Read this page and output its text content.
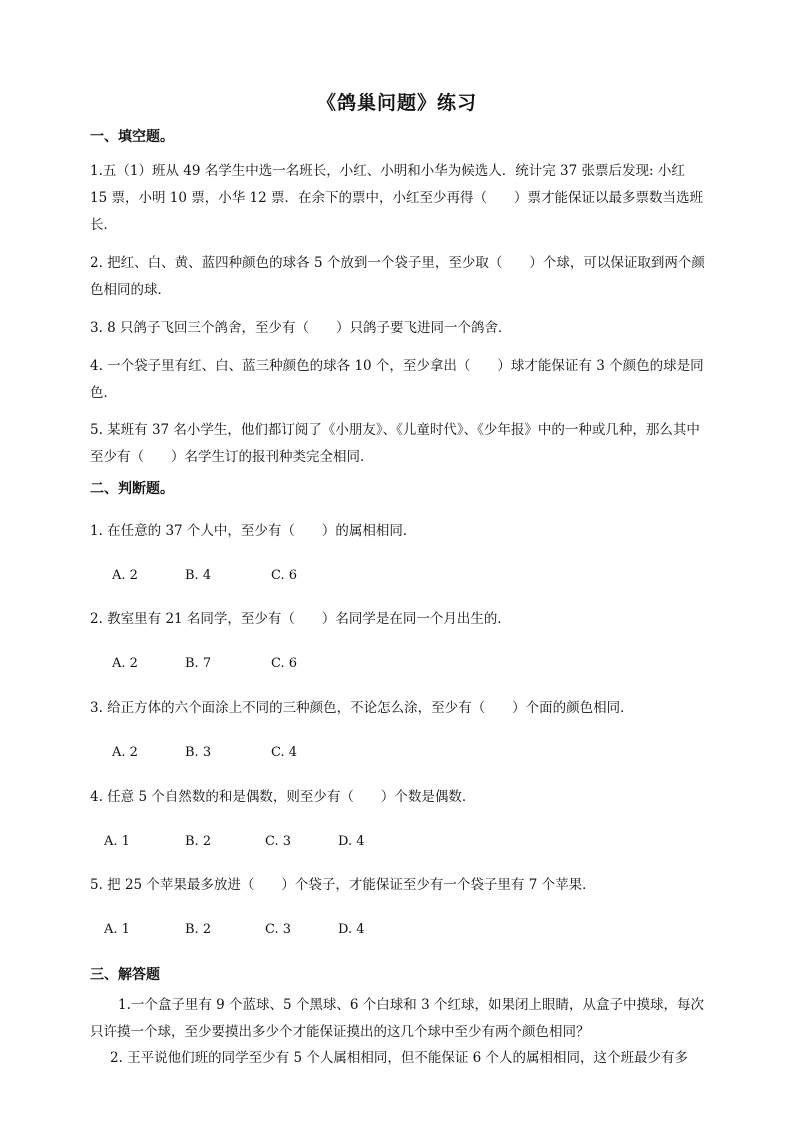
《鸽巢问题》练习
一、填空题。
1.五（1）班从 49 名学生中选一名班长，小红、小明和小华为候选人．统计完 37 张票后发现: 小红 15 票，小明 10 票，小华 12 票．在余下的票中，小红至少再得（　　）票才能保证以最多票数当选班长．
2. 把红、白、黄、蓝四种颜色的球各 5 个放到一个袋子里，至少取（　　）个球，可以保证取到两个颜色相同的球．
3. 8 只鸽子飞回三个鸽舍，至少有（　　）只鸽子要飞进同一个鸽舍．
4. 一个袋子里有红、白、蓝三种颜色的球各 10 个，至少拿出（　　）球才能保证有 3 个颜色的球是同色．
5. 某班有 37 名小学生，他们都订阅了《小朋友》、《儿童时代》、《少年报》中的一种或几种，那么其中至少有（　　）名学生订的报刊种类完全相同．
二、判断题。
1. 在任意的 37 个人中，至少有（　　）的属相相同．
A. 2	B. 4	C. 6
2. 教室里有 21 名同学，至少有（　　）名同学是在同一个月出生的．
A. 2	B. 7	C. 6
3. 给正方体的六个面涂上不同的三种颜色，不论怎么涂，至少有（　　）个面的颜色相同．
A. 2	B. 3	C. 4
4. 任意 5 个自然数的和是偶数，则至少有（　　）个数是偶数．
A. 1	B. 2	C. 3	D. 4
5. 把 25 个苹果最多放进（　　）个袋子，才能保证至少有一个袋子里有 7 个苹果．
A. 1	B. 2	C. 3	D. 4
三、解答题
1.一个盒子里有 9 个蓝球、5 个黑球、6 个白球和 3 个红球，如果闭上眼睛，从盒子中摸球，每次只许摸一个球，至少要摸出多少个才能保证摸出的这几个球中至少有两个颜色相同？
2. 王平说他们班的同学至少有 5 个人属相相同，但不能保证 6 个人的属相相同，这个班最少有多
